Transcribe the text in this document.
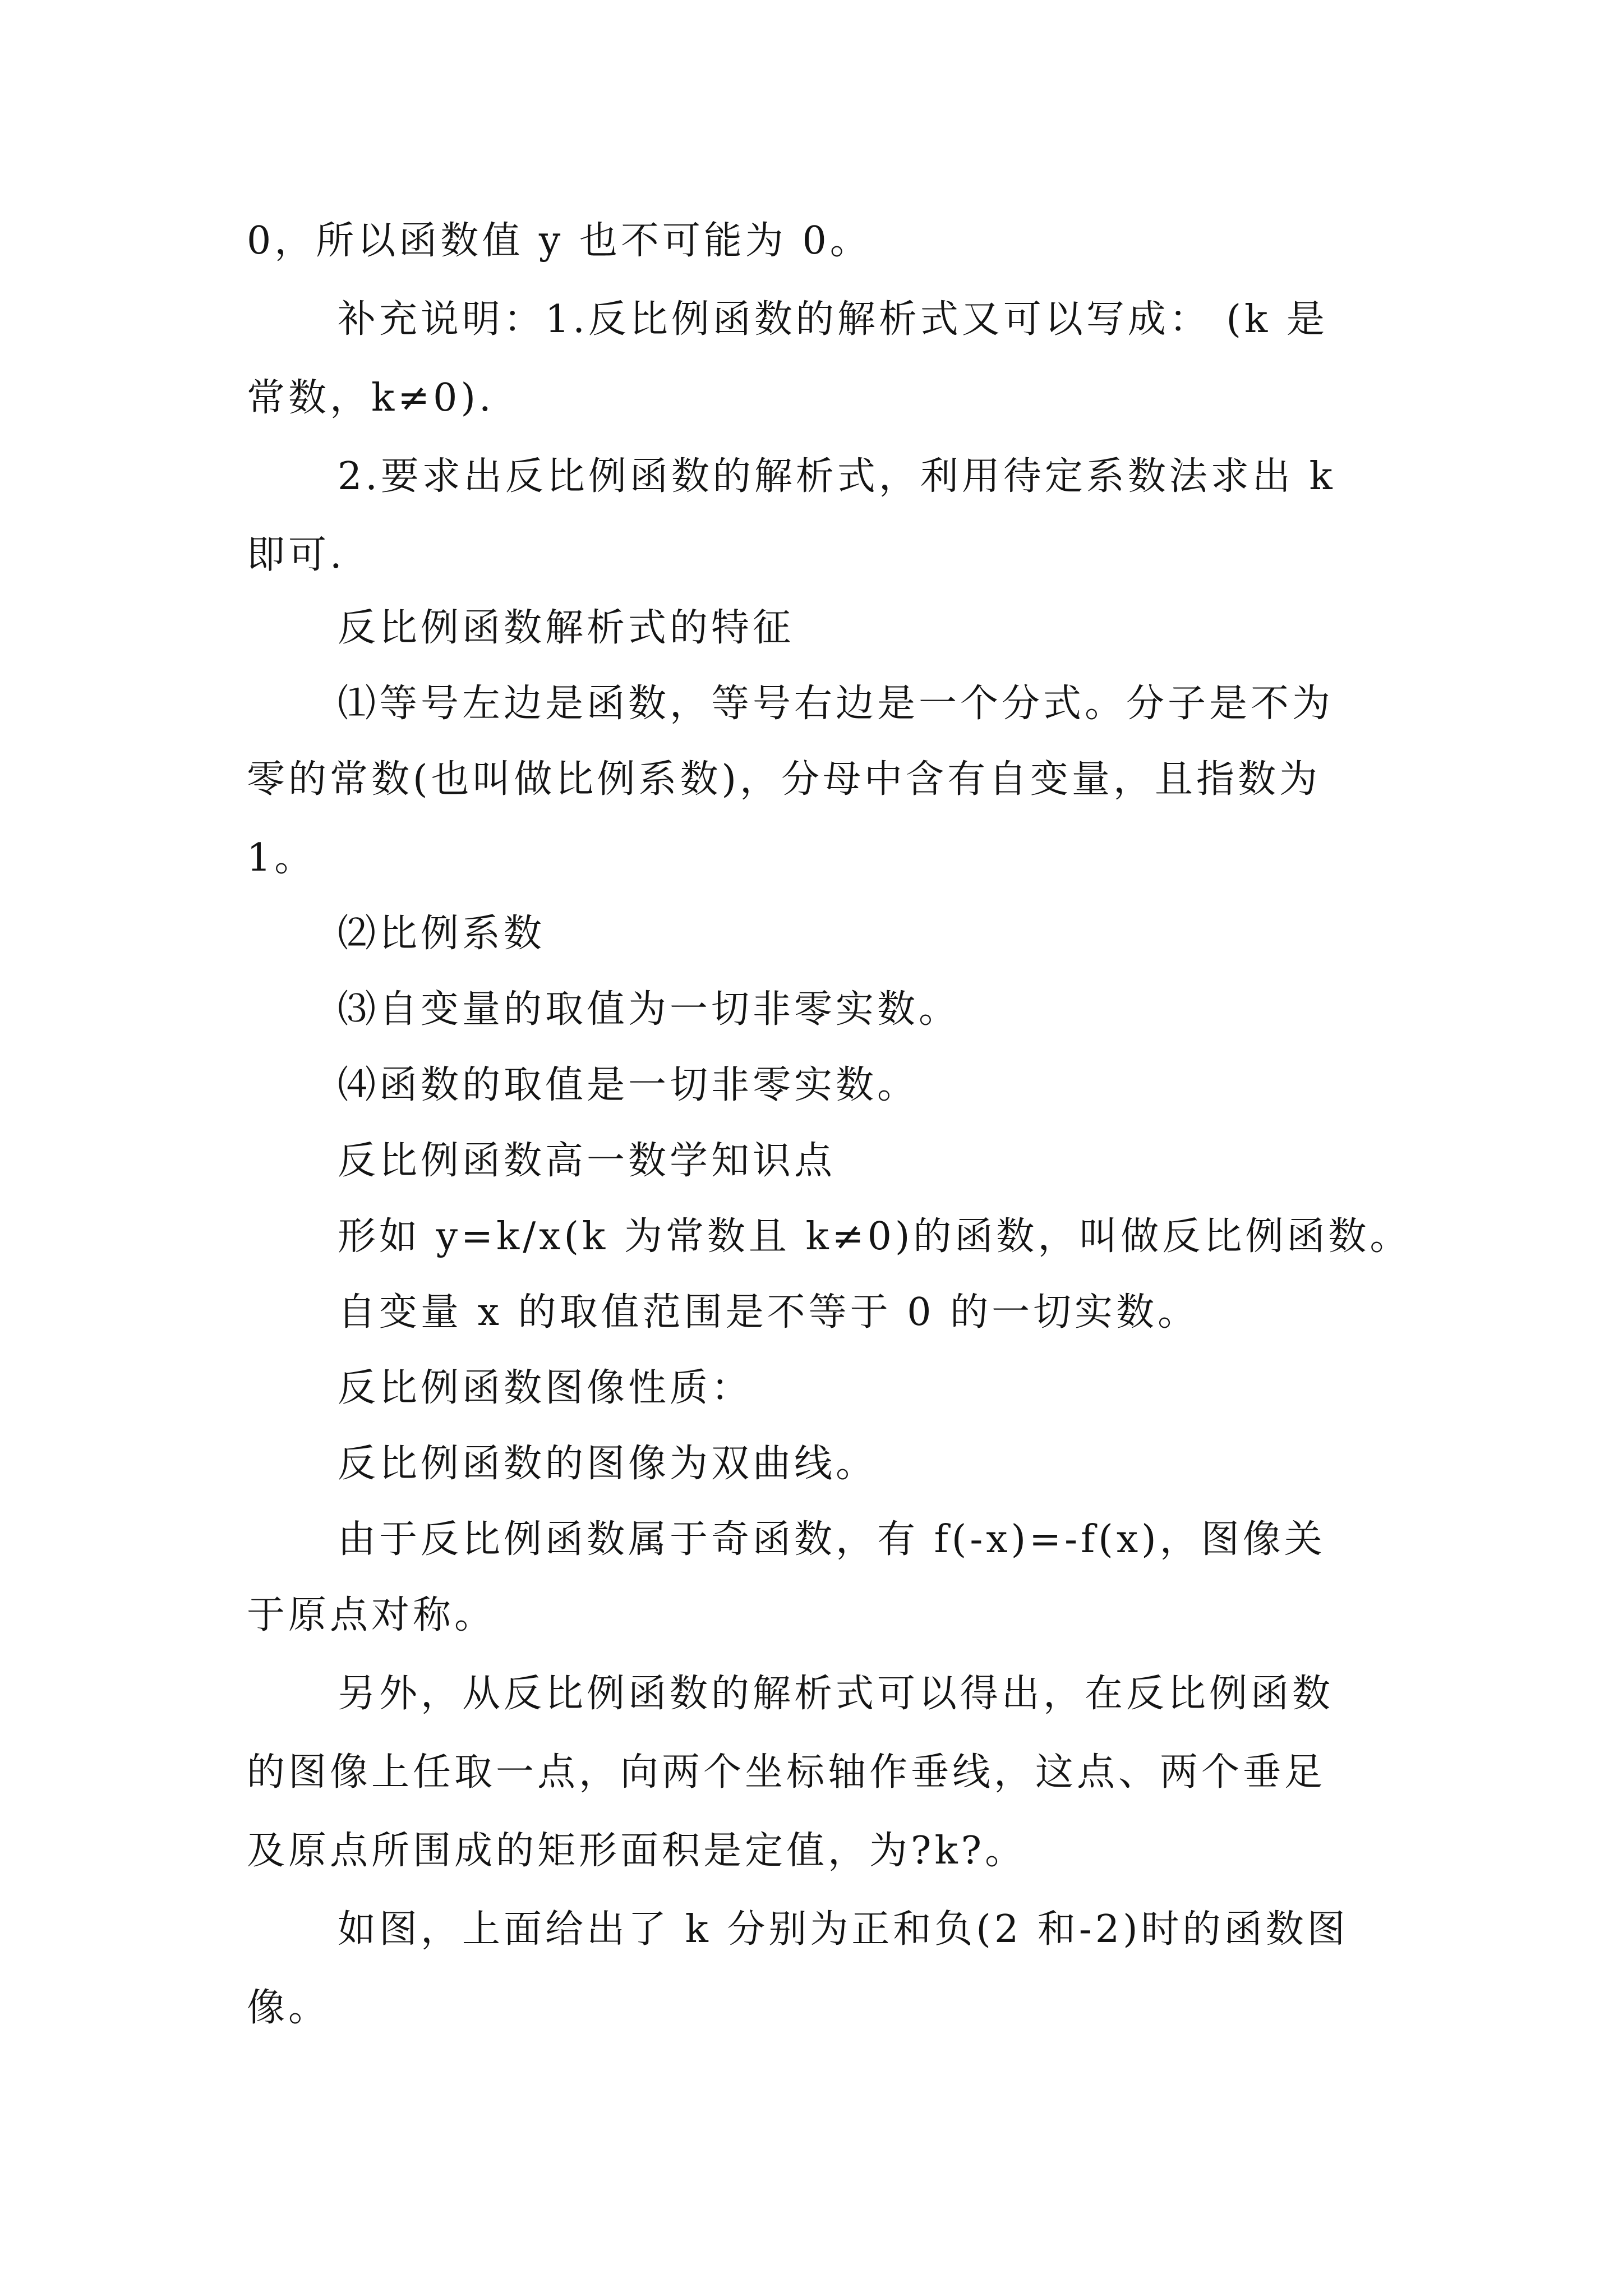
0，所以函数值 y 也不可能为 0。
补充说明：1.反比例函数的解析式又可以写成： (k 是
常数，k≠0).
2.要求出反比例函数的解析式，利用待定系数法求出 k
即可.
反比例函数解析式的特征
⑴等号左边是函数，等号右边是一个分式。分子是不为
零的常数(也叫做比例系数)，分母中含有自变量，且指数为
1。
⑵比例系数
⑶自变量的取值为一切非零实数。
⑷函数的取值是一切非零实数。
反比例函数高一数学知识点
形如 y=k/x(k 为常数且 k≠0)的函数，叫做反比例函数。
自变量 x 的取值范围是不等于 0 的一切实数。
反比例函数图像性质：
反比例函数的图像为双曲线。
由于反比例函数属于奇函数，有 f(-x)=-f(x)，图像关
于原点对称。
另外，从反比例函数的解析式可以得出，在反比例函数
的图像上任取一点，向两个坐标轴作垂线，这点、两个垂足
及原点所围成的矩形面积是定值，为?k?。
如图，上面给出了 k 分别为正和负(2 和-2)时的函数图
像。
